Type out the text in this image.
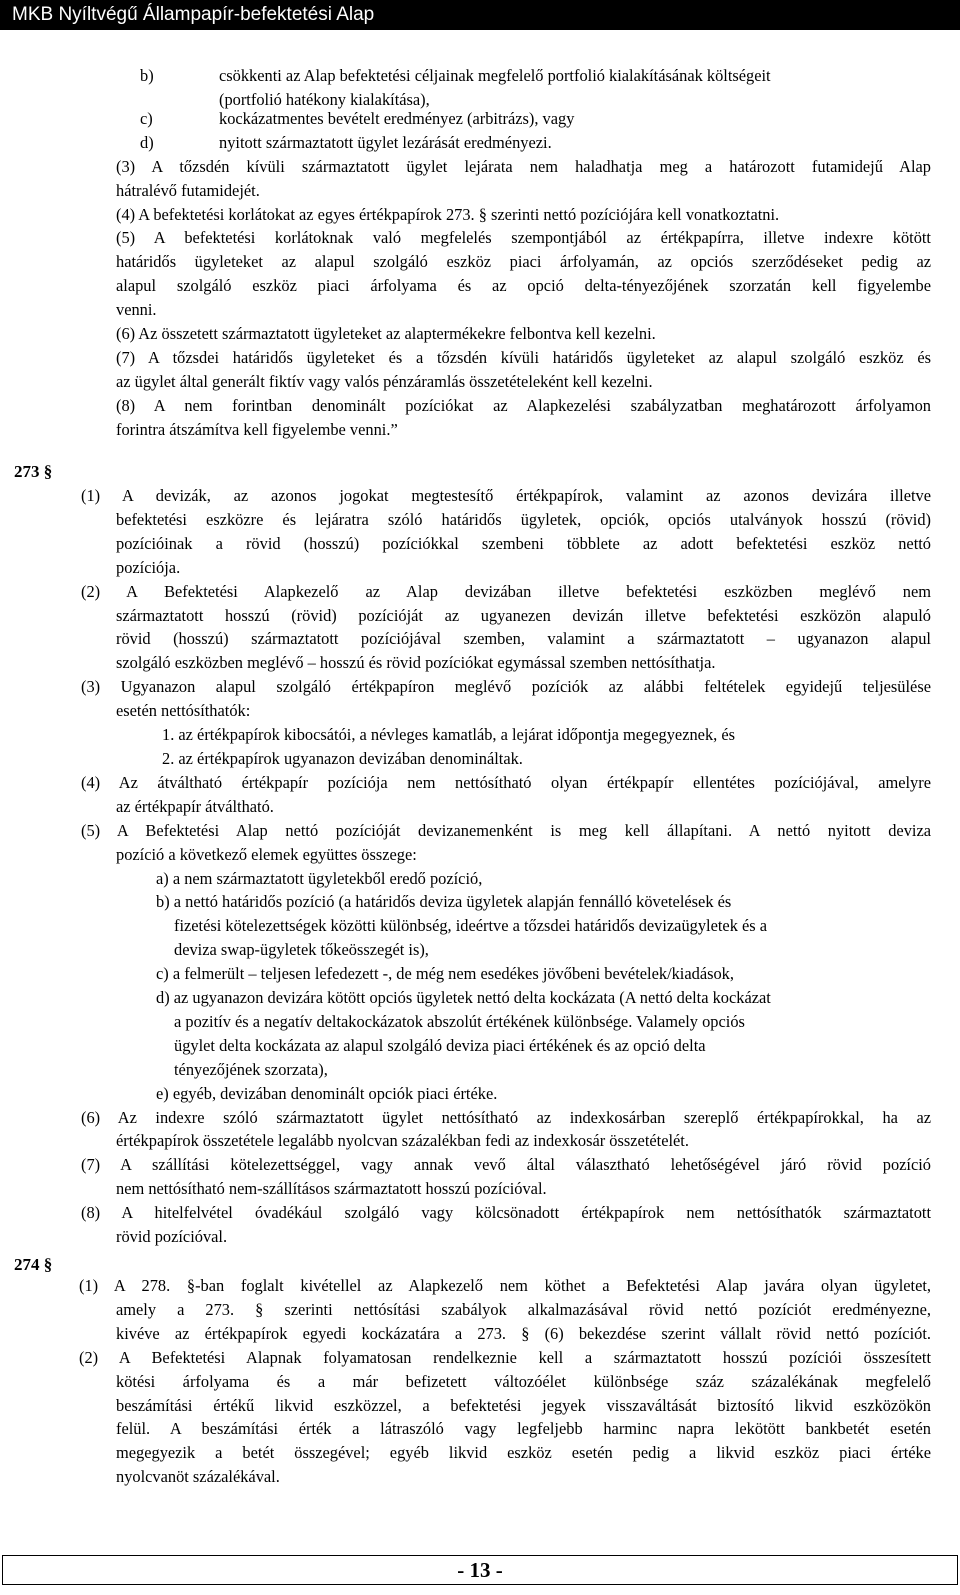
MKB Nyíltvégű Állampapír-befektetési Alap
b)	csökkenti az Alap befektetési céljainak megfelelő portfolió kialakításának költségeit
(portfolió hatékony kialakítása),
c)	kockázatmentes bevételt eredményez (arbitrázs), vagy
d)	nyitott származtatott ügylet lezárását eredményezi.
(3) A tőzsdén kívüli származtatott ügylet lejárata nem haladhatja meg a határozott futamidejű Alap
hátralévő futamidejét.
(4) A befektetési korlátokat az egyes értékpapírok 273. § szerinti nettó pozíciójára kell vonatkoztatni.
(5) A befektetési korlátoknak való megfelelés szempontjából az értékpapírra, illetve indexre kötött
határidős ügyleteket az alapul szolgáló eszköz piaci árfolyamán, az opciós szerződéseket pedig az
alapul szolgáló eszköz piaci árfolyama és az opció delta-tényezőjének szorzatán kell figyelembe
venni.
(6) Az összetett származtatott ügyleteket az alaptermékekre felbontva kell kezelni.
(7) A tőzsdei határidős ügyleteket és a tőzsdén kívüli határidős ügyleteket az alapul szolgáló eszköz és
az ügylet által generált fiktív vagy valós pénzáramlás összetételeként kell kezelni.
(8) A nem forintban denominált pozíciókat az Alapkezelési szabályzatban meghatározott árfolyamon
forintra átszámítva kell figyelembe venni.”
273 §
(1) A devizák, az azonos jogokat megtestesítő értékpapírok, valamint az azonos devizára illetve
befektetési eszközre és lejáratra szóló határidős ügyletek, opciók, opciós utalványok hosszú (rövid)
pozícióinak a rövid (hosszú) pozíciókkal szembeni többlete az adott befektetési eszköz nettó
pozíciója.
(2) A Befektetési Alapkezelő az Alap devizában illetve befektetési eszközben meglévő nem
származtatott hosszú (rövid) pozícióját az ugyanezen devizán illetve befektetési eszközön alapuló
rövid (hosszú) származtatott pozíciójával szemben, valamint a származtatott – ugyanazon alapul
szolgáló eszközben meglévő – hosszú és rövid pozíciókat egymással szemben nettósíthatja.
(3) Ugyanazon alapul szolgáló értékpapíron meglévő pozíciók az alábbi feltételek egyidejű teljesülése
esetén nettósíthatók:
1. az értékpapírok kibocsátói, a névleges kamatláb, a lejárat időpontja megegyeznek, és
2. az értékpapírok ugyanazon devizában denomináltak.
(4) Az átváltható értékpapír pozíciója nem nettósítható olyan értékpapír ellentétes pozíciójával, amelyre
az értékpapír átváltható.
(5) A Befektetési Alap nettó pozícióját devizanemenként is meg kell állapítani. A nettó nyitott deviza
pozíció a következő elemek együttes összege:
a) a nem származtatott ügyletekből eredő pozíció,
b) a nettó határidős pozíció (a határidős deviza ügyletek alapján fennálló követelések és
fizetési kötelezettségek közötti különbség, ideértve a tőzsdei határidős devizaügyletek és a
deviza swap-ügyletek tőkeösszegét is),
c) a felmerült – teljesen lefedezett -, de még nem esedékes jövőbeni bevételek/kiadások,
d) az ugyanazon devizára kötött opciós ügyletek nettó delta kockázata (A nettó delta kockázat
a pozitív és a negatív deltakockázatok abszolút értékének különbsége. Valamely opciós
ügylet delta kockázata az alapul szolgáló deviza piaci értékének és az opció delta
tényezőjének szorzata),
e) egyéb, devizában denominált opciók piaci értéke.
(6) Az indexre szóló származtatott ügylet nettósítható az indexkosárban szereplő értékpapírokkal, ha az
értékpapírok összetétele legalább nyolcvan százalékban fedi az indexkosár összetételét.
(7) A szállítási kötelezettséggel, vagy annak vevő által választható lehetőségével járó rövid pozíció
nem nettósítható nem-szállításos származtatott hosszú pozícióval.
(8) A hitelfelvétel óvadékául szolgáló vagy kölcsönadott értékpapírok nem nettósíthatók származtatott
rövid pozícióval.
274 §
(1) A 278. §-ban foglalt kivétellel az Alapkezelő nem köthet a Befektetési Alap javára olyan ügyletet,
amely a 273. § szerinti nettósítási szabályok alkalmazásával rövid nettó pozíciót eredményezne,
kivéve az értékpapírok egyedi kockázatára a 273. § (6) bekezdése szerint vállalt rövid nettó pozíciót.
(2) A Befektetési Alapnak folyamatosan rendelkeznie kell a származtatott hosszú pozíciói összesített
kötési árfolyama és a már befizetett változóélet különbsége száz százalékának megfelelő
beszámítási értékű likvid eszközzel, a befektetési jegyek visszaváltását biztosító likvid eszközökön
felül. A beszámítási érték a látraszóló vagy legfeljebb harminc napra lekötött bankbetét esetén
megegyezik a betét összegével; egyéb likvid eszköz esetén pedig a likvid eszköz piaci értéke
nyolcvanöt százalékával.
- 13 -
